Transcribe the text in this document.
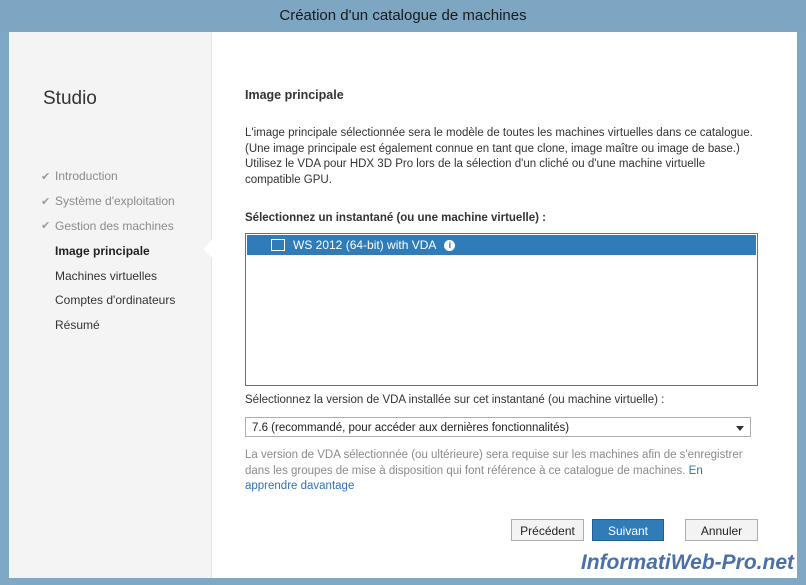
Création d'un catalogue de machines
Studio
✔ Introduction
✔ Système d'exploitation
✔ Gestion des machines
Image principale
Machines virtuelles
Comptes d'ordinateurs
Résumé
Image principale
L'image principale sélectionnée sera le modèle de toutes les machines virtuelles dans ce catalogue. (Une image principale est également connue en tant que clone, image maître ou image de base.)
Utilisez le VDA pour HDX 3D Pro lors de la sélection d'un cliché ou d'une machine virtuelle compatible GPU.
Sélectionnez un instantané (ou une machine virtuelle) :
WS 2012 (64-bit) with VDA	i
Sélectionnez la version de VDA installée sur cet instantané (ou machine virtuelle) :
7.6 (recommandé, pour accéder aux dernières fonctionnalités)
La version de VDA sélectionnée (ou ultérieure) sera requise sur les machines afin de s'enregistrer dans les groupes de mise à disposition qui font référence à ce catalogue de machines. En apprendre davantage
Précédent	Suivant	Annuler
InformatiWeb-Pro.net
